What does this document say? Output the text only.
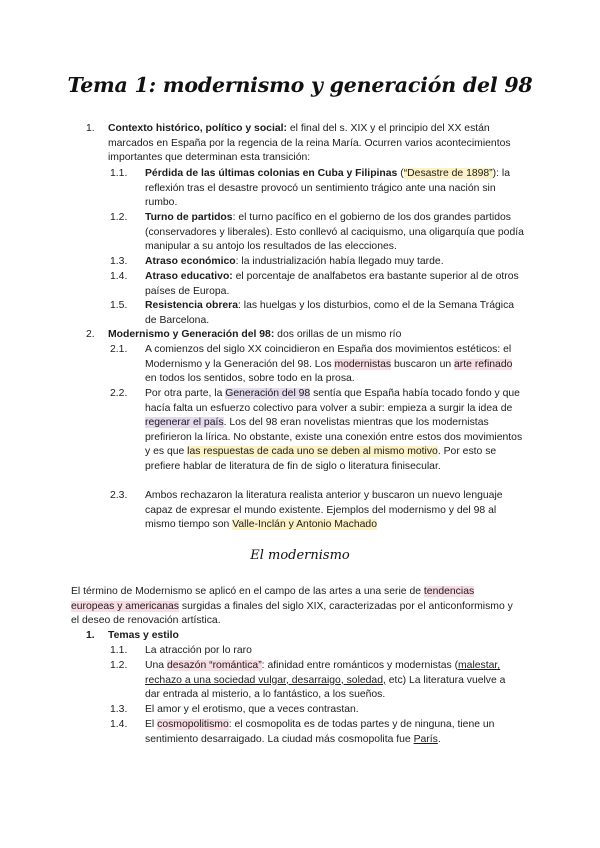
Tema 1: modernismo y generación del 98
1. Contexto histórico, político y social: el final del s. XIX y el principio del XX están marcados en España por la regencia de la reina María. Ocurren varios acontecimientos importantes que determinan esta transición:
1.1. Pérdida de las últimas colonias en Cuba y Filipinas (“Desastre de 1898”): la reflexión tras el desastre provocó un sentimiento trágico ante una nación sin rumbo.
1.2. Turno de partidos: el turno pacífico en el gobierno de los dos grandes partidos (conservadores y liberales). Esto conllevó al caciquismo, una oligarquía que podía manipular a su antojo los resultados de las elecciones.
1.3. Atraso económico: la industrialización había llegado muy tarde.
1.4. Atraso educativo: el porcentaje de analfabetos era bastante superior al de otros países de Europa.
1.5. Resistencia obrera: las huelgas y los disturbios, como el de la Semana Trágica de Barcelona.
2. Modernismo y Generación del 98: dos orillas de un mismo río
2.1. A comienzos del siglo XX coincidieron en España dos movimientos estéticos: el Modernismo y la Generación del 98. Los modernistas buscaron un arte refinado en todos los sentidos, sobre todo en la prosa.
2.2. Por otra parte, la Generación del 98 sentía que España había tocado fondo y que hacía falta un esfuerzo colectivo para volver a subir: empieza a surgir la idea de regenerar el país. Los del 98 eran novelistas mientras que los modernistas prefirieron la lírica. No obstante, existe una conexión entre estos dos movimientos y es que las respuestas de cada uno se deben al mismo motivo. Por esto se prefiere hablar de literatura de fin de siglo o literatura finisecular.
2.3. Ambos rechazaron la literatura realista anterior y buscaron un nuevo lenguaje capaz de expresar el mundo existente. Ejemplos del modernismo y del 98 al mismo tiempo son Valle-Inclán y Antonio Machado
El modernismo
El término de Modernismo se aplicó en el campo de las artes a una serie de tendencias europeas y americanas surgidas a finales del siglo XIX, caracterizadas por el anticonformismo y el deseo de renovación artística.
1. Temas y estilo
1.1. La atracción por lo raro
1.2. Una desazón “romántica”: afinidad entre románticos y modernistas (malestar, rechazo a una sociedad vulgar, desarraigo, soledad, etc) La literatura vuelve a dar entrada al misterio, a lo fantástico, a los sueños.
1.3. El amor y el erotismo, que a veces contrastan.
1.4. El cosmopolitismo: el cosmopolita es de todas partes y de ninguna, tiene un sentimiento desarraigado. La ciudad más cosmopolita fue París.
